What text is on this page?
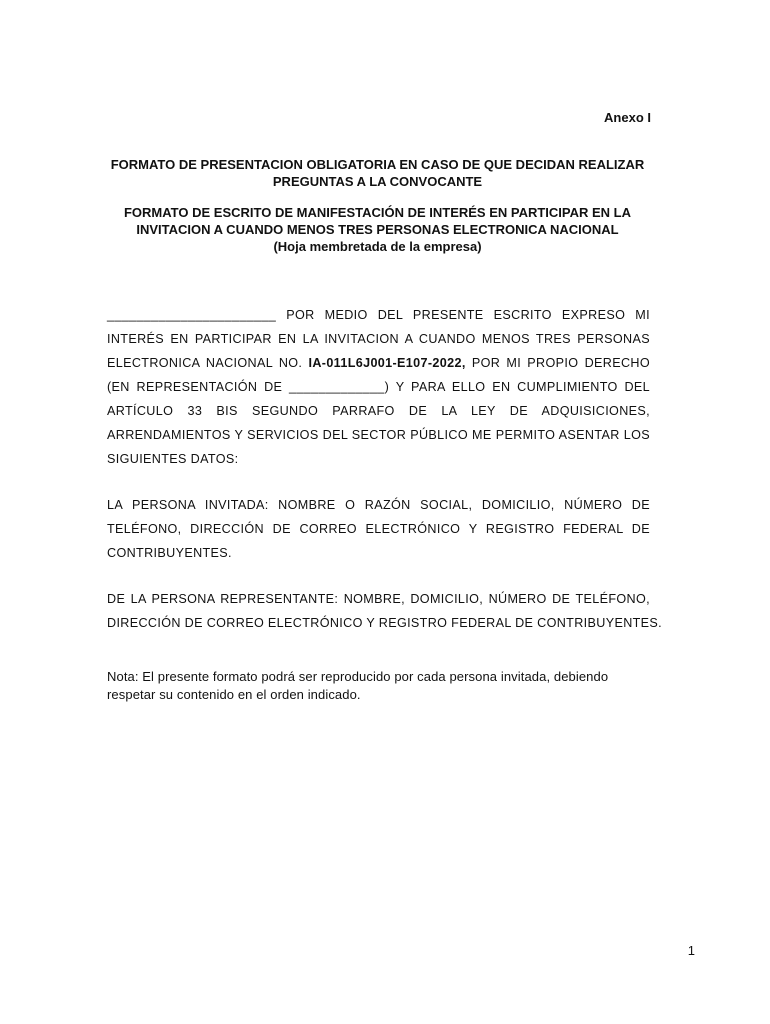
Anexo I
FORMATO DE PRESENTACION OBLIGATORIA EN CASO DE QUE DECIDAN REALIZAR
PREGUNTAS A LA CONVOCANTE
FORMATO DE ESCRITO DE MANIFESTACIÓN DE INTERÉS EN PARTICIPAR EN LA
INVITACION A CUANDO MENOS TRES PERSONAS ELECTRONICA NACIONAL
(Hoja membretada de la empresa)
_______________________ POR MEDIO DEL PRESENTE ESCRITO EXPRESO MI
INTERÉS EN PARTICIPAR EN LA INVITACION A CUANDO MENOS TRES PERSONAS
ELECTRONICA NACIONAL NO. IA-011L6J001-E107-2022, POR MI PROPIO DERECHO
(EN REPRESENTACIÓN DE _____________) Y PARA ELLO EN CUMPLIMIENTO DEL
ARTÍCULO 33 BIS SEGUNDO PARRAFO DE LA LEY DE ADQUISICIONES,
ARRENDAMIENTOS Y SERVICIOS DEL SECTOR PÚBLICO ME PERMITO ASENTAR LOS
SIGUIENTES DATOS:
LA PERSONA INVITADA: NOMBRE O RAZÓN SOCIAL, DOMICILIO, NÚMERO DE
TELÉFONO, DIRECCIÓN DE CORREO ELECTRÓNICO Y REGISTRO FEDERAL DE
CONTRIBUYENTES.
DE LA PERSONA REPRESENTANTE: NOMBRE, DOMICILIO, NÚMERO DE TELÉFONO,
DIRECCIÓN DE CORREO ELECTRÓNICO Y REGISTRO FEDERAL DE CONTRIBUYENTES.
Nota: El presente formato podrá ser reproducido por cada persona invitada, debiendo
respetar su contenido en el orden indicado.
1
